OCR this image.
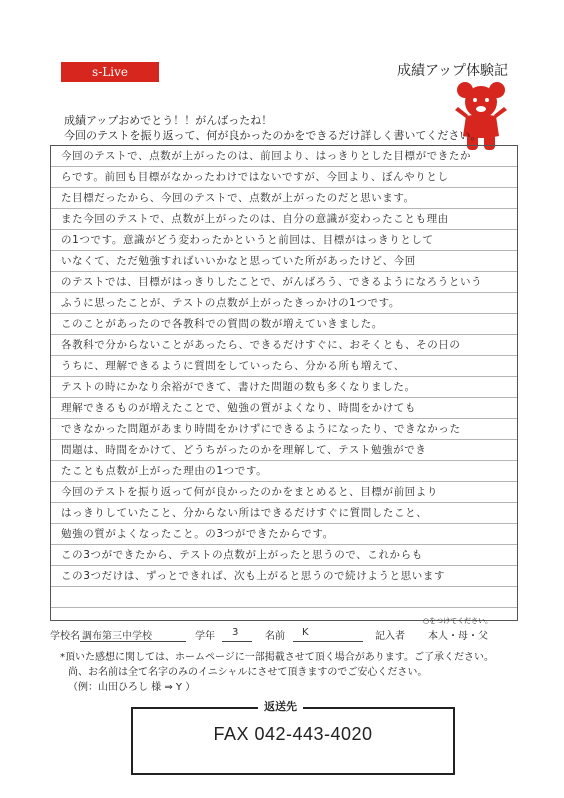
s-Live	成績アップ体験記
成績アップおめでとう！！がんばったね！
今回のテストを振り返って、何が良かったのかをできるだけ詳しく書いてください。
今回のテストで、点数が上がったのは、前回より、はっきりとした目標ができたか
らです。前回も目標がなかったわけではないですが、今回より、ぼんやりとし
た目標だったから、今回のテストで、点数が上がったのだと思います。
また今回のテストで、点数が上がったのは、自分の意識が変わったことも理由
の1つです。意識がどう変わったかというと前回は、目標がはっきりとして
いなくて、ただ勉強すればいいかなと思っていた所があったけど、今回
のテストでは、目標がはっきりしたことで、がんばろう、できるようになろうという
ふうに思ったことが、テストの点数が上がったきっかけの1つです。
このことがあったので各教科での質問の数が増えていきました。
各教科で分からないことがあったら、できるだけすぐに、おそくとも、その日の
うちに、理解できるように質問をしていったら、分かる所も増えて、
テストの時にかなり余裕ができて、書けた問題の数も多くなりました。
理解できるものが増えたことで、勉強の質がよくなり、時間をかけても
できなかった問題があまり時間をかけずにできるようになったり、できなかった
問題は、時間をかけて、どうちがったのかを理解して、テスト勉強ができ
たことも点数が上がった理由の1つです。
今回のテストを振り返って何が良かったのかをまとめると、目標が前回より
はっきりしていたこと、分からない所はできるだけすぐに質問したこと、
勉強の質がよくなったこと。の3つができたからです。
この3つができたから、テストの点数が上がったと思うので、これからも
この3つだけは、ずっとできれば、次も上がると思うので続けようと思います
○をつけてください。
学校名 調布第三中学校	学年 3	名前 K	記入者 本人・母・父
*頂いた感想に関しては、ホームページに一部掲載させて頂く場合があります。ご了承ください。
尚、お名前は全て名字のみのイニシャルにさせて頂きますのでご安心ください。
（例：山田ひろし 様 ⇒ Y ）
返送先
FAX 042-443-4020
